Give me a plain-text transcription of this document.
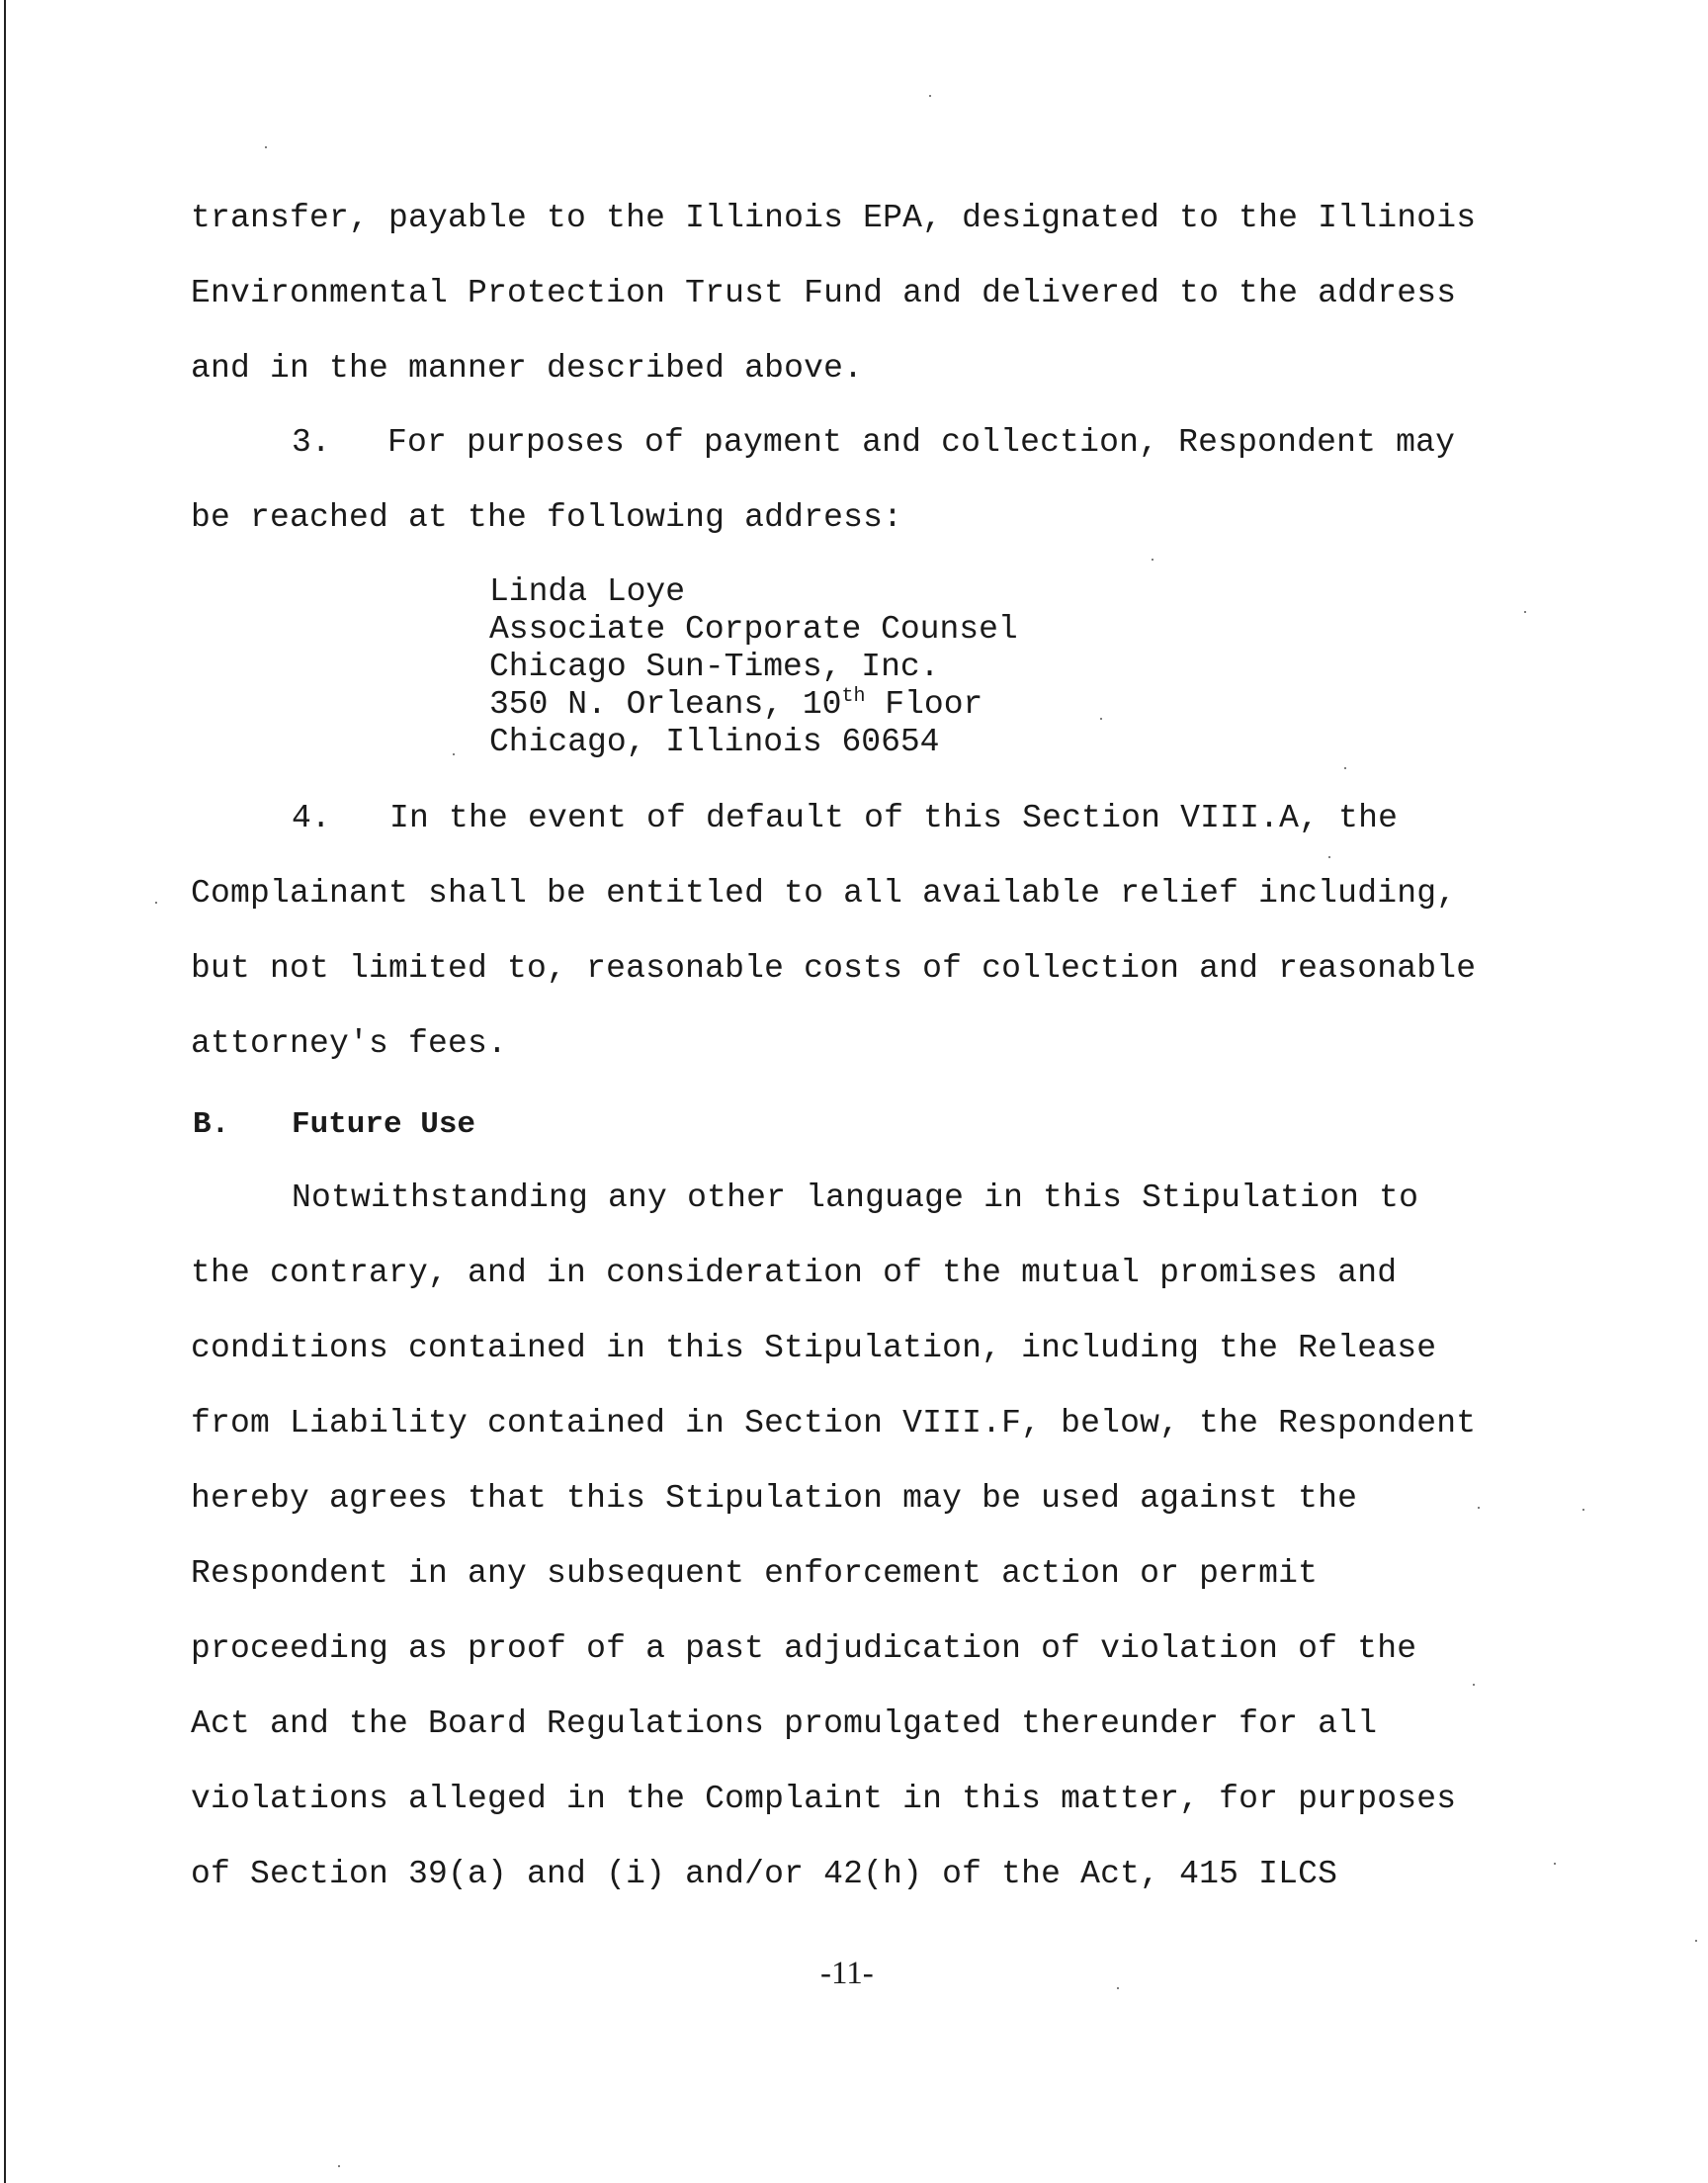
transfer, payable to the Illinois EPA, designated to the Illinois

Environmental Protection Trust Fund and delivered to the address

and in the manner described above.

3. For purposes of payment and collection, Respondent may

be reached at the following address:

Linda Loye

Associate Corporate Counsel

Chicago Sun-Times, Inc.

350 N. Orleans, 10th Floor

Chicago, Illinois 60654

4. In the event of default of this Section VIII.A, the

Complainant shall be entitled to all available relief including,

but not limited to, reasonable costs of collection and reasonable

attorney's fees.

B. Future Use

Notwithstanding any other language in this Stipulation to

the contrary, and in consideration of the mutual promises and

conditions contained in this Stipulation, including the Release

from Liability contained in Section VIII.F, below, the Respondent

hereby agrees that this Stipulation may be used against the

Respondent in any subsequent enforcement action or permit

proceeding as proof of a past adjudication of violation of the

Act and the Board Regulations promulgated thereunder for all

violations alleged in the Complaint in this matter, for purposes

of Section 39(a) and (i) and/or 42(h) of the Act, 415 ILCS

-11-
